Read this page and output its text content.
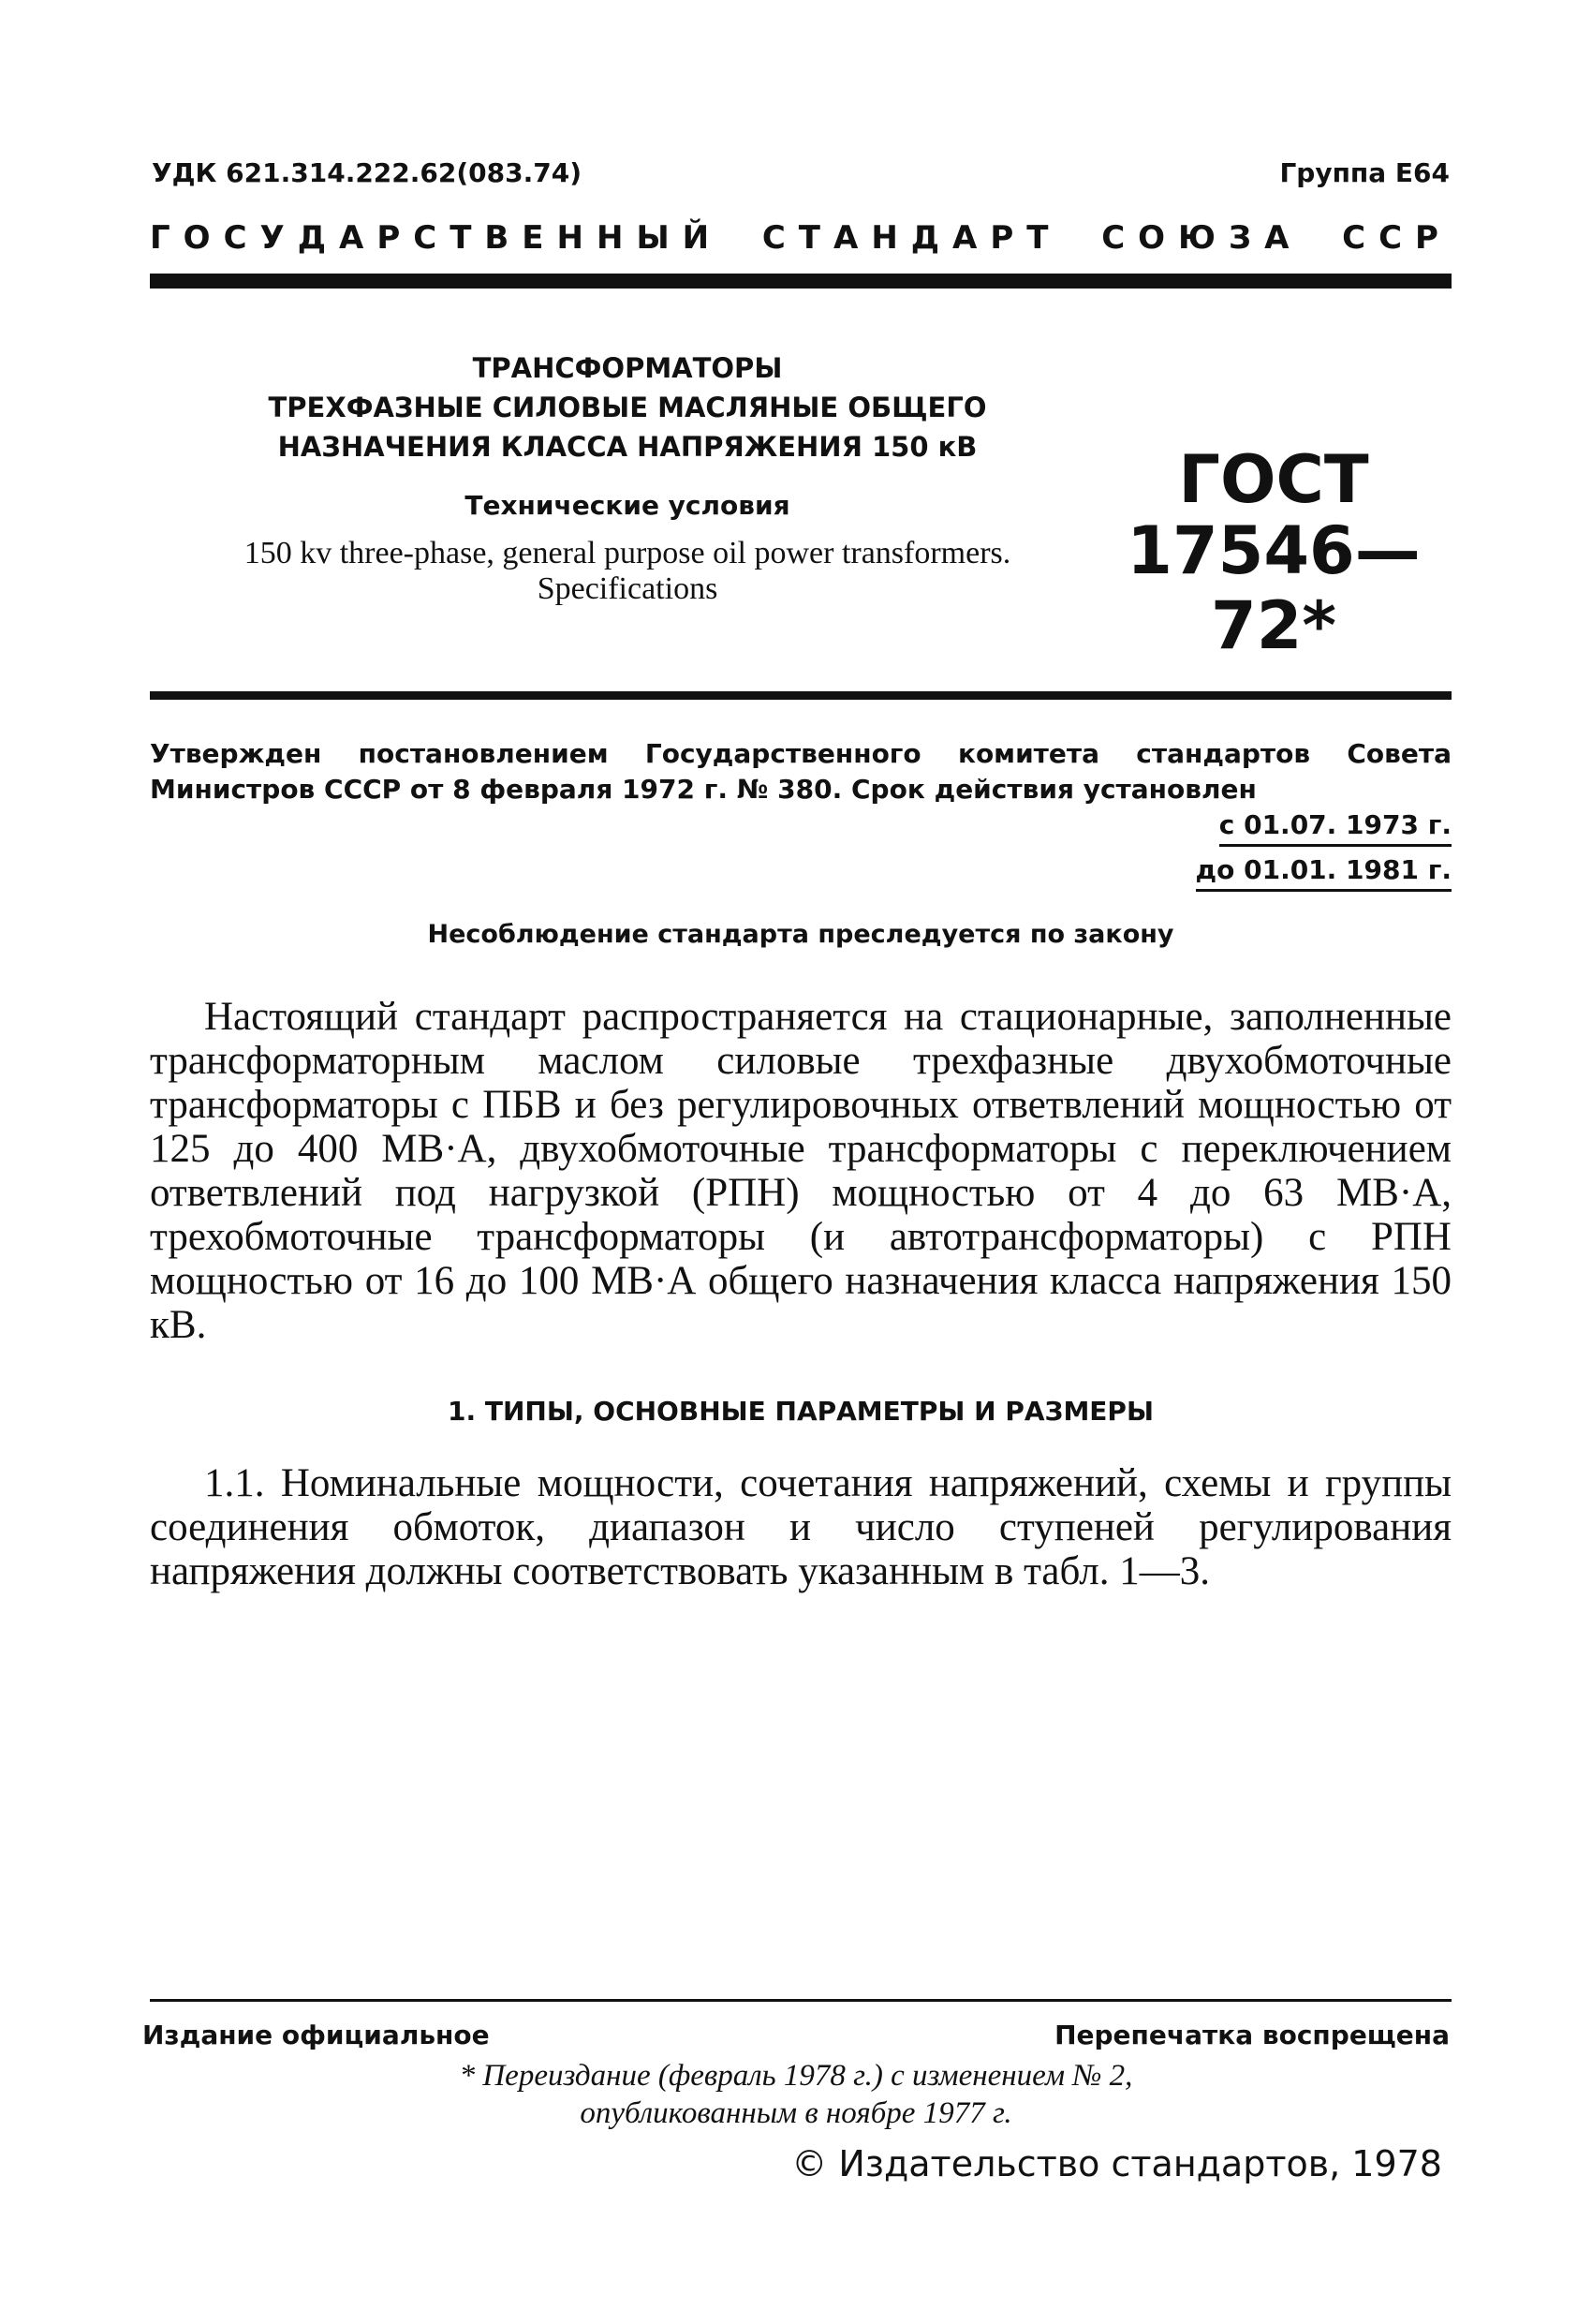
УДК 621.314.222.62(083.74)	Группа Е64
ГОСУДАРСТВЕННЫЙ СТАНДАРТ СОЮЗА ССР
ТРАНСФОРМАТОРЫ
ТРЕХФАЗНЫЕ СИЛОВЫЕ МАСЛЯНЫЕ ОБЩЕГО
НАЗНАЧЕНИЯ КЛАССА НАПРЯЖЕНИЯ 150 кВ
Технические условия
150 kv three-phase, general purpose oil power transformers. Specifications
ГОСТ
17546—72*
Утвержден постановлением Государственного комитета стандартов Совета
Министров СССР от 8 февраля 1972 г. № 380. Срок действия установлен
с 01.07. 1973 г.
до 01.01. 1981 г.
Несоблюдение стандарта преследуется по закону
Настоящий стандарт распространяется на стационарные, заполненные трансформаторным маслом силовые трехфазные двухобмоточные трансформаторы с ПБВ и без регулировочных ответвлений мощностью от 125 до 400 МВ·А, двухобмоточные трансформаторы с переключением ответвлений под нагрузкой (РПН) мощностью от 4 до 63 МВ·А, трехобмоточные трансформаторы (и автотрансформаторы) с РПН мощностью от 16 до 100 МВ·А общего назначения класса напряжения 150 кВ.
1. ТИПЫ, ОСНОВНЫЕ ПАРАМЕТРЫ И РАЗМЕРЫ
1.1. Номинальные мощности, сочетания напряжений, схемы и группы соединения обмоток, диапазон и число ступеней регулирования напряжения должны соответствовать указанным в табл. 1—3.
Издание официальное	Перепечатка воспрещена
* Переиздание (февраль 1978 г.) с изменением № 2,
опубликованным в ноябре 1977 г.
© Издательство стандартов, 1978
